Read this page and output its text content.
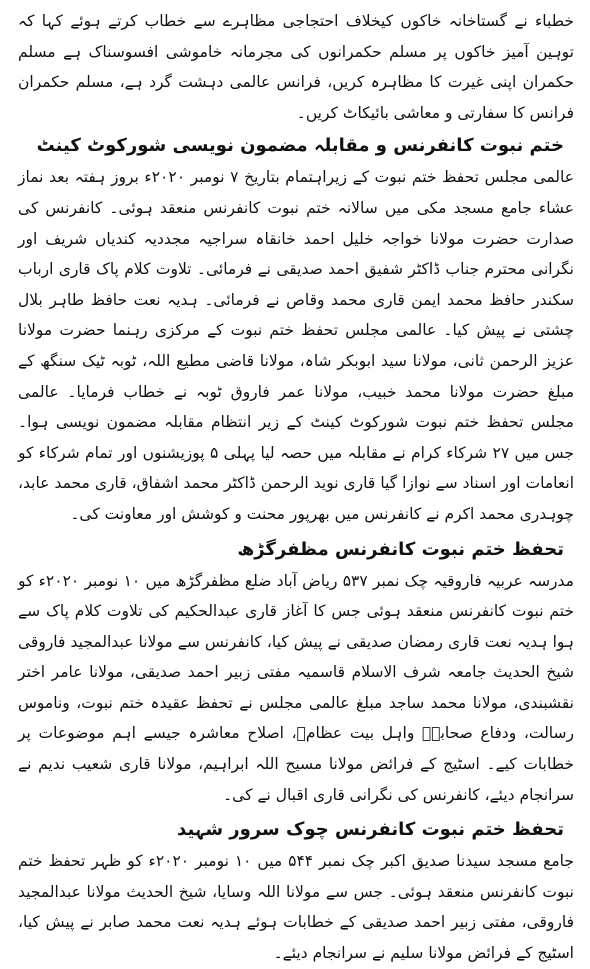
خطباء نے گستاخانہ خاکوں کیخلاف احتجاجی مظاہرے سے خطاب کرتے ہوئے کہا کہ توہین آمیز خاکوں پر مسلم حکمرانوں کی مجرمانہ خاموشی افسوسناک ہے مسلم حکمران اپنی غیرت کا مظاہرہ کریں، فرانس عالمی دہشت گرد ہے، مسلم حکمران فرانس کا سفارتی و معاشی بائیکاٹ کریں۔

ختم نبوت کانفرنس و مقابلہ مضمون نویسی شورکوٹ کینٹ

عالمی مجلس تحفظ ختم نبوت کے زیراہتمام بتاریخ ۷ نومبر ۲۰۲۰ء بروز ہفتہ بعد نماز عشاء جامع مسجد مکی میں سالانہ ختم نبوت کانفرنس منعقد ہوئی۔ کانفرنس کی صدارت حضرت مولانا خواجہ خلیل احمد خانقاہ سراجیہ مجددیہ کندیاں شریف اور نگرانی محترم جناب ڈاکٹر شفیق احمد صدیقی نے فرمائی۔ تلاوت کلام پاک قاری ارباب سکندر حافظ محمد ایمن قاری محمد وقاص نے فرمائی۔ ہدیہ نعت حافظ طاہر بلال چشتی نے پیش کیا۔ عالمی مجلس تحفظ ختم نبوت کے مرکزی رہنما حضرت مولانا عزیز الرحمن ثانی، مولانا سید ابوبکر شاہ، مولانا قاضی مطیع اللہ، ٹوبہ ٹیک سنگھ کے مبلغ حضرت مولانا محمد خبیب، مولانا عمر فاروق ٹوبہ نے خطاب فرمایا۔ عالمی مجلس تحفظ ختم نبوت شورکوٹ کینٹ کے زیر انتظام مقابلہ مضمون نویسی ہوا۔ جس میں ۲۷ شرکاء کرام نے مقابلہ میں حصہ لیا پہلی ۵ پوزیشنوں اور تمام شرکاء کو انعامات اور اسناد سے نوازا گیا قاری نوید الرحمن ڈاکٹر محمد اشفاق، قاری محمد عابد، چوہدری محمد اکرم نے کانفرنس میں بھرپور محنت و کوشش اور معاونت کی۔

تحفظ ختم نبوت کانفرنس مظفرگڑھ

مدرسہ عربیہ فاروقیہ چک نمبر ۵۳۷ ریاض آباد ضلع مظفرگڑھ میں ۱۰ نومبر ۲۰۲۰ء کو ختم نبوت کانفرنس منعقد ہوئی جس کا آغاز قاری عبدالحکیم کی تلاوت کلام پاک سے ہوا ہدیہ نعت قاری رمضان صدیقی نے پیش کیا، کانفرنس سے مولانا عبدالمجید فاروقی شیخ الحدیث جامعہ شرف الاسلام قاسمیہ مفتی زبیر احمد صدیقی، مولانا عامر اختر نقشبندی، مولانا محمد ساجد مبلغ عالمی مجلس نے تحفظ عقیدہ ختم نبوت، وناموس رسالت، ودفاع صحابہؓ واہل بیت عظامؓ، اصلاح معاشرہ جیسے اہم موضوعات پر خطابات کیے۔ اسٹیج کے فرائض مولانا مسیح اللہ ابراہیم، مولانا قاری شعیب ندیم نے سرانجام دیئے، کانفرنس کی نگرانی قاری اقبال نے کی۔

تحفظ ختم نبوت کانفرنس چوک سرور شہید

جامع مسجد سیدنا صدیق اکبر چک نمبر ۵۴۴ میں ۱۰ نومبر ۲۰۲۰ء کو ظہر تحفظ ختم نبوت کانفرنس منعقد ہوئی۔ جس سے مولانا اللہ وسایا، شیخ الحدیث مولانا عبدالمجید فاروقی، مفتی زبیر احمد صدیقی کے خطابات ہوئے ہدیہ نعت محمد صابر نے پیش کیا، اسٹیج کے فرائض مولانا سلیم نے سرانجام دیئے۔
